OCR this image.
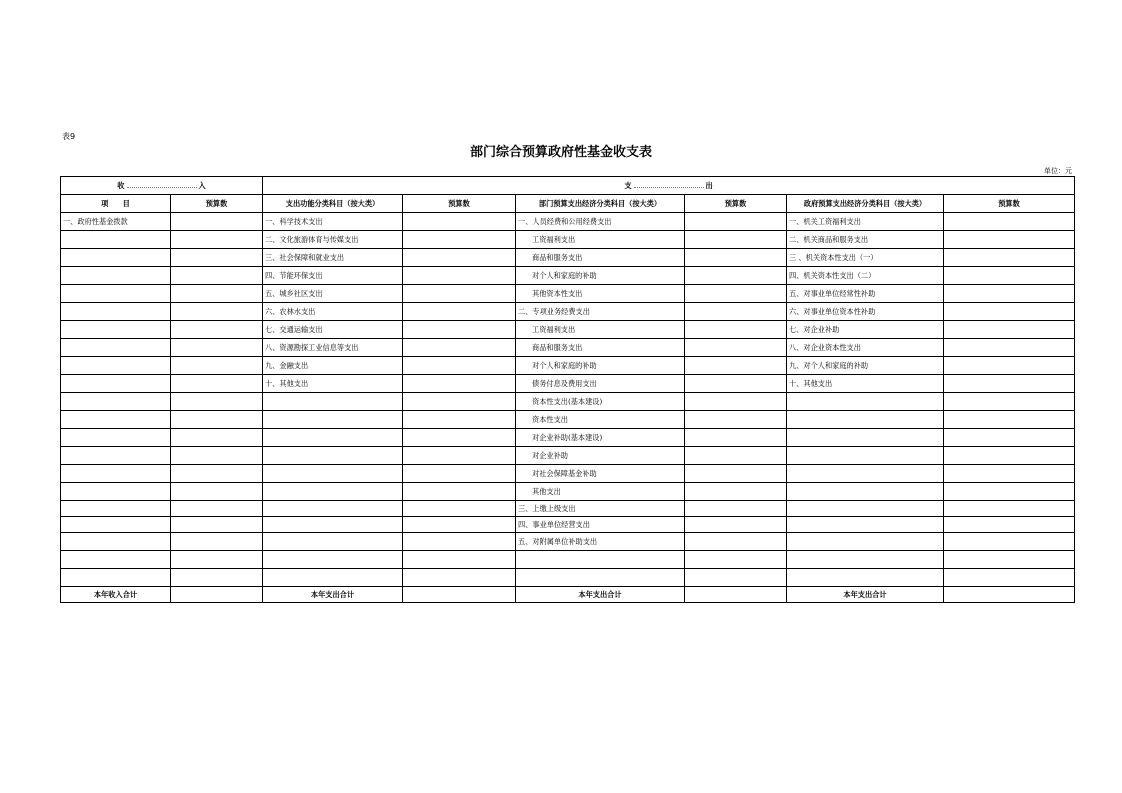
表9
部门综合预算政府性基金收支表
单位：元
收 入		支 出					
项　　目	预算数	支出功能分类科目（按大类）	预算数	部门预算支出经济分类科目（按大类）	预算数	政府预算支出经济分类科目（按大类）	预算数
一、政府性基金拨款		一、科学技术支出		一、人员经费和公用经费支出		一、机关工资福利支出	
		二、文化旅游体育与传媒支出		工资福利支出		二、机关商品和服务支出	
		三、社会保障和就业支出		商品和服务支出		三 、机关资本性支出（一）	
		四、节能环保支出		对个人和家庭的补助		四、机关资本性支出（二）	
		五、城乡社区支出		其他资本性支出		五、对事业单位经常性补助	
		六、农林水支出		二、专项业务经费支出		六、对事业单位资本性补助	
		七、交通运输支出		工资福利支出		七、对企业补助	
		八、资源勘探工业信息等支出		商品和服务支出		八、对企业资本性支出	
		九、金融支出		对个人和家庭的补助		九、对个人和家庭的补助	
		十、其他支出		债务付息及费用支出		十、其他支出	
				资本性支出(基本建设)			
				资本性支出			
				对企业补助(基本建设)			
				对企业补助			
				对社会保障基金补助			
				其他支出			
				三、上缴上级支出			
				四、事业单位经营支出			
				五、对附属单位补助支出			

本年收入合计		本年支出合计		本年支出合计		本年支出合计	
